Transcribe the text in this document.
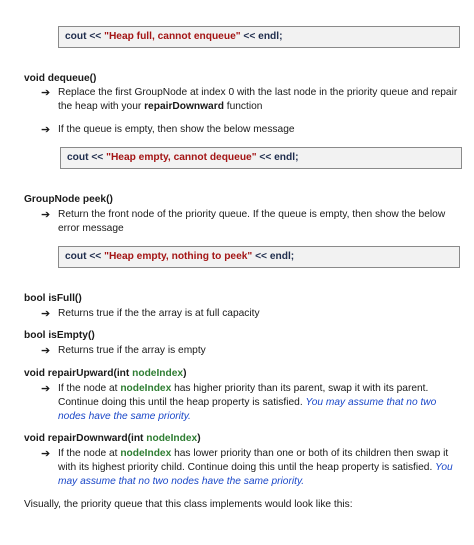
cout << "Heap full, cannot enqueue" << endl;
void dequeue()
➔ Replace the first GroupNode at index 0 with the last node in the priority queue and repair
the heap with your repairDownward function
➔ If the queue is empty, then show the below message
cout << "Heap empty, cannot dequeue" << endl;
GroupNode peek()
➔ Return the front node of the priority queue. If the queue is empty, then show the below
error message
cout << "Heap empty, nothing to peek" << endl;
bool isFull()
➔ Returns true if the the array is at full capacity
bool isEmpty()
➔ Returns true if the array is empty
void repairUpward(int nodeIndex)
➔ If the node at nodeIndex has higher priority than its parent, swap it with its parent.
Continue doing this until the heap property is satisfied. You may assume that no two
nodes have the same priority.
void repairDownward(int nodeIndex)
➔ If the node at nodeIndex has lower priority than one or both of its children then swap it
with its highest priority child. Continue doing this until the heap property is satisfied. You
may assume that no two nodes have the same priority.
Visually, the priority queue that this class implements would look like this:
